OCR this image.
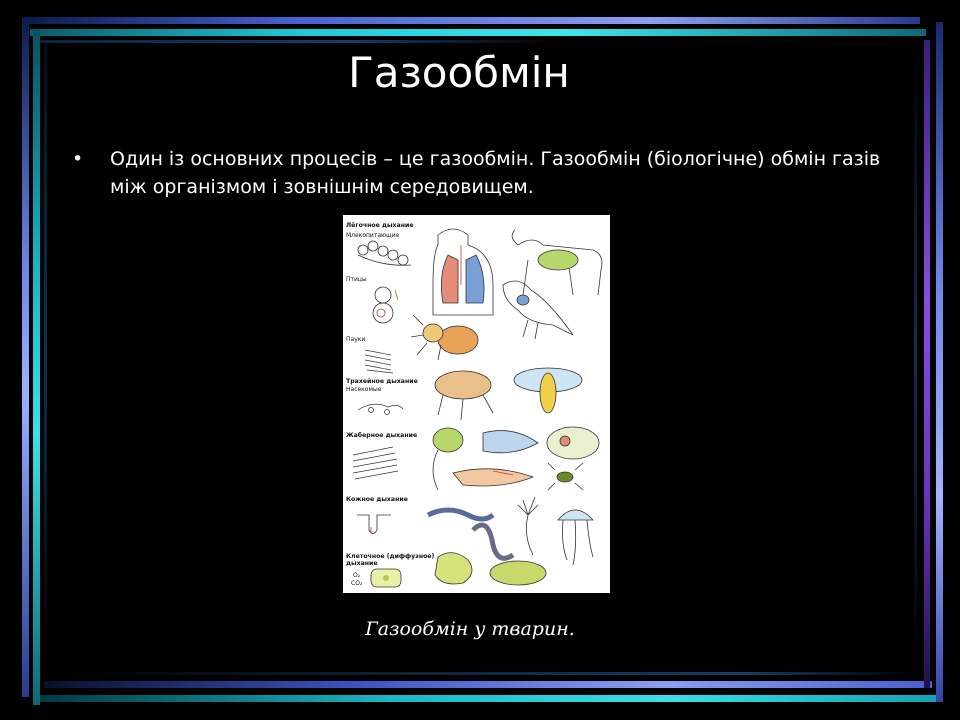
Газообмін
• Один із основних процесів – це газообмін. Газообмін (біологічне) обмін газів між організмом і зовнішнім середовищем.
Лёгочное дыхание
Млекопитающие
Птицы
Пауки
Трахейное дыхание
Насекомые
Жаберное дыхание
Кожное дыхание
Клеточное (диффузное)
дыхание
O₂
CO₂
Газообмін у тварин.
